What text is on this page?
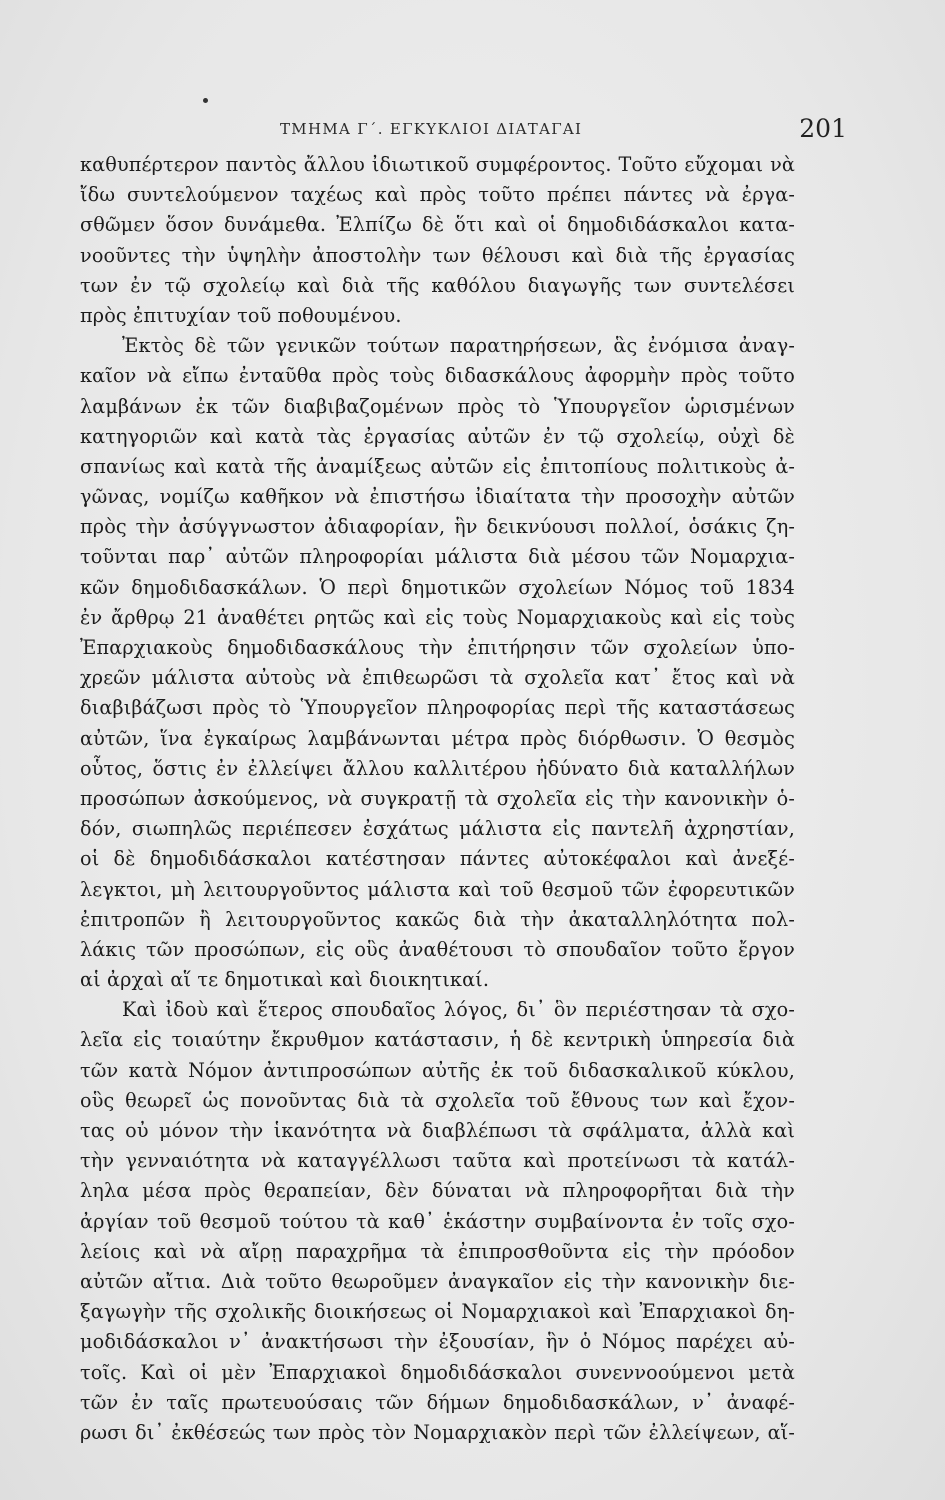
ΤΜΗΜΑ Γ΄. ΕΓΚΥΚΛΙΟΙ ΔΙΑΤΑΓΑΙ	201
καθυπέρτερον παντὸς ἄλλου ἰδιωτικοῦ συμφέροντος. Τοῦτο εὔχομαι νὰ
ἴδω συντελούμενον ταχέως καὶ πρὸς τοῦτο πρέπει πάντες νὰ ἐργα-
σθῶμεν ὅσον δυνάμεθα. Ἐλπίζω δὲ ὅτι καὶ οἱ δημοδιδάσκαλοι κατα-
νοοῦντες τὴν ὑψηλὴν ἀποστολὴν των θέλουσι καὶ διὰ τῆς ἐργασίας
των ἐν τῷ σχολείῳ καὶ διὰ τῆς καθόλου διαγωγῆς των συντελέσει
πρὸς ἐπιτυχίαν τοῦ ποθουμένου.
Ἐκτὸς δὲ τῶν γενικῶν τούτων παρατηρήσεων, ἃς ἐνόμισα ἀναγ-
καῖον νὰ εἴπω ἐνταῦθα πρὸς τοὺς διδασκάλους ἀφορμὴν πρὸς τοῦτο
λαμβάνων ἐκ τῶν διαβιβαζομένων πρὸς τὸ Ὑπουργεῖον ὡρισμένων
κατηγοριῶν καὶ κατὰ τὰς ἐργασίας αὐτῶν ἐν τῷ σχολείῳ, οὐχὶ δὲ
σπανίως καὶ κατὰ τῆς ἀναμίξεως αὐτῶν εἰς ἐπιτοπίους πολιτικοὺς ἀ-
γῶνας, νομίζω καθῆκον νὰ ἐπιστήσω ἰδιαίτατα τὴν προσοχὴν αὐτῶν
πρὸς τὴν ἀσύγγνωστον ἀδιαφορίαν, ἣν δεικνύουσι πολλοί, ὁσάκις ζη-
τοῦνται παρ᾽ αὐτῶν πληροφορίαι μάλιστα διὰ μέσου τῶν Νομαρχια-
κῶν δημοδιδασκάλων. Ὁ περὶ δημοτικῶν σχολείων Νόμος τοῦ 1834
ἐν ἄρθρῳ 21 ἀναθέτει ρητῶς καὶ εἰς τοὺς Νομαρχιακοὺς καὶ εἰς τοὺς
Ἐπαρχιακοὺς δημοδιδασκάλους τὴν ἐπιτήρησιν τῶν σχολείων ὑπο-
χρεῶν μάλιστα αὐτοὺς νὰ ἐπιθεωρῶσι τὰ σχολεῖα κατ᾽ ἔτος καὶ νὰ
διαβιβάζωσι πρὸς τὸ Ὑπουργεῖον πληροφορίας περὶ τῆς καταστάσεως
αὐτῶν, ἵνα ἐγκαίρως λαμβάνωνται μέτρα πρὸς διόρθωσιν. Ὁ θεσμὸς
οὗτος, ὅστις ἐν ἐλλείψει ἄλλου καλλιτέρου ἠδύνατο διὰ καταλλήλων
προσώπων ἀσκούμενος, νὰ συγκρατῇ τὰ σχολεῖα εἰς τὴν κανονικὴν ὁ-
δόν, σιωπηλῶς περιέπεσεν ἐσχάτως μάλιστα εἰς παντελῆ ἀχρηστίαν,
οἱ δὲ δημοδιδάσκαλοι κατέστησαν πάντες αὐτοκέφαλοι καὶ ἀνεξέ-
λεγκτοι, μὴ λειτουργοῦντος μάλιστα καὶ τοῦ θεσμοῦ τῶν ἐφορευτικῶν
ἐπιτροπῶν ἢ λειτουργοῦντος κακῶς διὰ τὴν ἀκαταλληλότητα πολ-
λάκις τῶν προσώπων, εἰς οὓς ἀναθέτουσι τὸ σπουδαῖον τοῦτο ἔργον
αἱ ἀρχαὶ αἵ τε δημοτικαὶ καὶ διοικητικαί.
Καὶ ἰδοὺ καὶ ἕτερος σπουδαῖος λόγος, δι᾽ ὃν περιέστησαν τὰ σχο-
λεῖα εἰς τοιαύτην ἔκρυθμον κατάστασιν, ἡ δὲ κεντρικὴ ὑπηρεσία διὰ
τῶν κατὰ Νόμον ἀντιπροσώπων αὐτῆς ἐκ τοῦ διδασκαλικοῦ κύκλου,
οὓς θεωρεῖ ὡς πονοῦντας διὰ τὰ σχολεῖα τοῦ ἔθνους των καὶ ἔχον-
τας οὐ μόνον τὴν ἱκανότητα νὰ διαβλέπωσι τὰ σφάλματα, ἀλλὰ καὶ
τὴν γενναιότητα νὰ καταγγέλλωσι ταῦτα καὶ προτείνωσι τὰ κατάλ-
ληλα μέσα πρὸς θεραπείαν, δὲν δύναται νὰ πληροφορῆται διὰ τὴν
ἀργίαν τοῦ θεσμοῦ τούτου τὰ καθ᾽ ἑκάστην συμβαίνοντα ἐν τοῖς σχο-
λείοις καὶ νὰ αἴρῃ παραχρῆμα τὰ ἐπιπροσθοῦντα εἰς τὴν πρόοδον
αὐτῶν αἴτια. Διὰ τοῦτο θεωροῦμεν ἀναγκαῖον εἰς τὴν κανονικὴν διε-
ξαγωγὴν τῆς σχολικῆς διοικήσεως οἱ Νομαρχιακοὶ καὶ Ἐπαρχιακοὶ δη-
μοδιδάσκαλοι ν᾽ ἀνακτήσωσι τὴν ἐξουσίαν, ἣν ὁ Νόμος παρέχει αὐ-
τοῖς. Καὶ οἱ μὲν Ἐπαρχιακοὶ δημοδιδάσκαλοι συνεννοούμενοι μετὰ
τῶν ἐν ταῖς πρωτευούσαις τῶν δήμων δημοδιδασκάλων, ν᾽ ἀναφέ-
ρωσι δι᾽ ἐκθέσεώς των πρὸς τὸν Νομαρχιακὸν περὶ τῶν ἐλλείψεων, αἵ-
